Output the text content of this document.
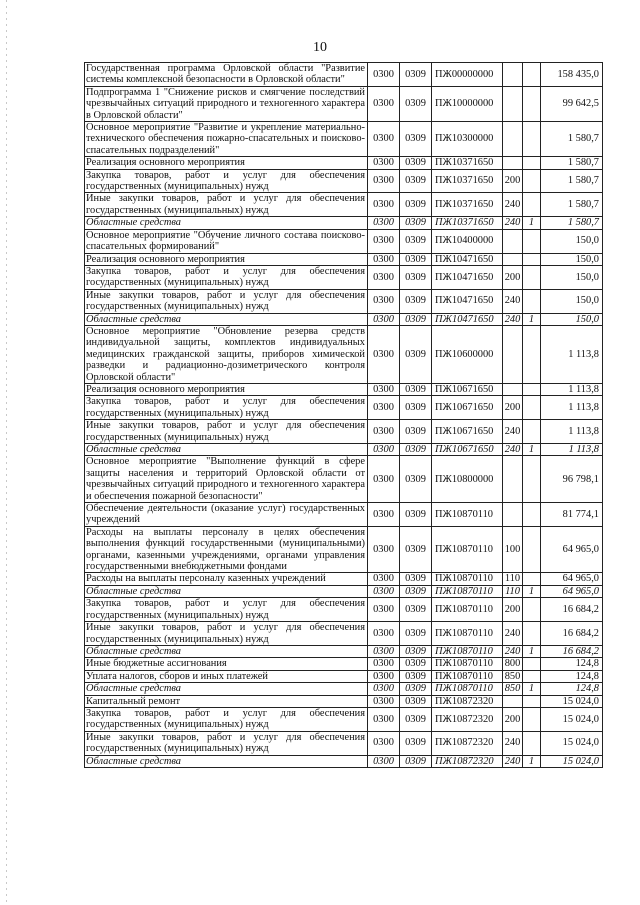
10
Государственная программа Орловской области "Развитие системы комплексной безопасности в Орловской области"	0300	0309	ПЖ00000000			158 435,0
Подпрограмма 1 "Снижение рисков и смягчение последствий чрезвычайных ситуаций природного и техногенного характера в Орловской области"	0300	0309	ПЖ10000000			99 642,5
Основное мероприятие "Развитие и укрепление материально-технического обеспечения пожарно-спасательных и поисково-спасательных подразделений"	0300	0309	ПЖ10300000			1 580,7
Реализация основного мероприятия	0300	0309	ПЖ10371650			1 580,7
Закупка товаров, работ и услуг для обеспечения государственных (муниципальных) нужд	0300	0309	ПЖ10371650	200		1 580,7
Иные закупки товаров, работ и услуг для обеспечения государственных (муниципальных) нужд	0300	0309	ПЖ10371650	240		1 580,7
Областные средства	0300	0309	ПЖ10371650	240	1	1 580,7
Основное мероприятие "Обучение личного состава поисково-спасательных формирований"	0300	0309	ПЖ10400000			150,0
Реализация основного мероприятия	0300	0309	ПЖ10471650			150,0
Закупка товаров, работ и услуг для обеспечения государственных (муниципальных) нужд	0300	0309	ПЖ10471650	200		150,0
Иные закупки товаров, работ и услуг для обеспечения государственных (муниципальных) нужд	0300	0309	ПЖ10471650	240		150,0
Областные средства	0300	0309	ПЖ10471650	240	1	150,0
Основное мероприятие "Обновление резерва средств индивидуальной защиты, комплектов индивидуальных медицинских гражданской защиты, приборов химической разведки и радиационно-дозиметрического контроля Орловской области"	0300	0309	ПЖ10600000			1 113,8
Реализация основного мероприятия	0300	0309	ПЖ10671650			1 113,8
Закупка товаров, работ и услуг для обеспечения государственных (муниципальных) нужд	0300	0309	ПЖ10671650	200		1 113,8
Иные закупки товаров, работ и услуг для обеспечения государственных (муниципальных) нужд	0300	0309	ПЖ10671650	240		1 113,8
Областные средства	0300	0309	ПЖ10671650	240	1	1 113,8
Основное мероприятие "Выполнение функций в сфере защиты населения и территорий Орловской области от чрезвычайных ситуаций природного и техногенного характера и обеспечения пожарной безопасности"	0300	0309	ПЖ10800000			96 798,1
Обеспечение деятельности (оказание услуг) государственных учреждений	0300	0309	ПЖ10870110			81 774,1
Расходы на выплаты персоналу в целях обеспечения выполнения функций государственными (муниципальными) органами, казенными учреждениями, органами управления государственными внебюджетными фондами	0300	0309	ПЖ10870110	100		64 965,0
Расходы на выплаты персоналу казенных учреждений	0300	0309	ПЖ10870110	110		64 965,0
Областные средства	0300	0309	ПЖ10870110	110	1	64 965,0
Закупка товаров, работ и услуг для обеспечения государственных (муниципальных) нужд	0300	0309	ПЖ10870110	200		16 684,2
Иные закупки товаров, работ и услуг для обеспечения государственных (муниципальных) нужд	0300	0309	ПЖ10870110	240		16 684,2
Областные средства	0300	0309	ПЖ10870110	240	1	16 684,2
Иные бюджетные ассигнования	0300	0309	ПЖ10870110	800		124,8
Уплата налогов, сборов и иных платежей	0300	0309	ПЖ10870110	850		124,8
Областные средства	0300	0309	ПЖ10870110	850	1	124,8
Капитальный ремонт	0300	0309	ПЖ10872320			15 024,0
Закупка товаров, работ и услуг для обеспечения государственных (муниципальных) нужд	0300	0309	ПЖ10872320	200		15 024,0
Иные закупки товаров, работ и услуг для обеспечения государственных (муниципальных) нужд	0300	0309	ПЖ10872320	240		15 024,0
Областные средства	0300	0309	ПЖ10872320	240	1	15 024,0
